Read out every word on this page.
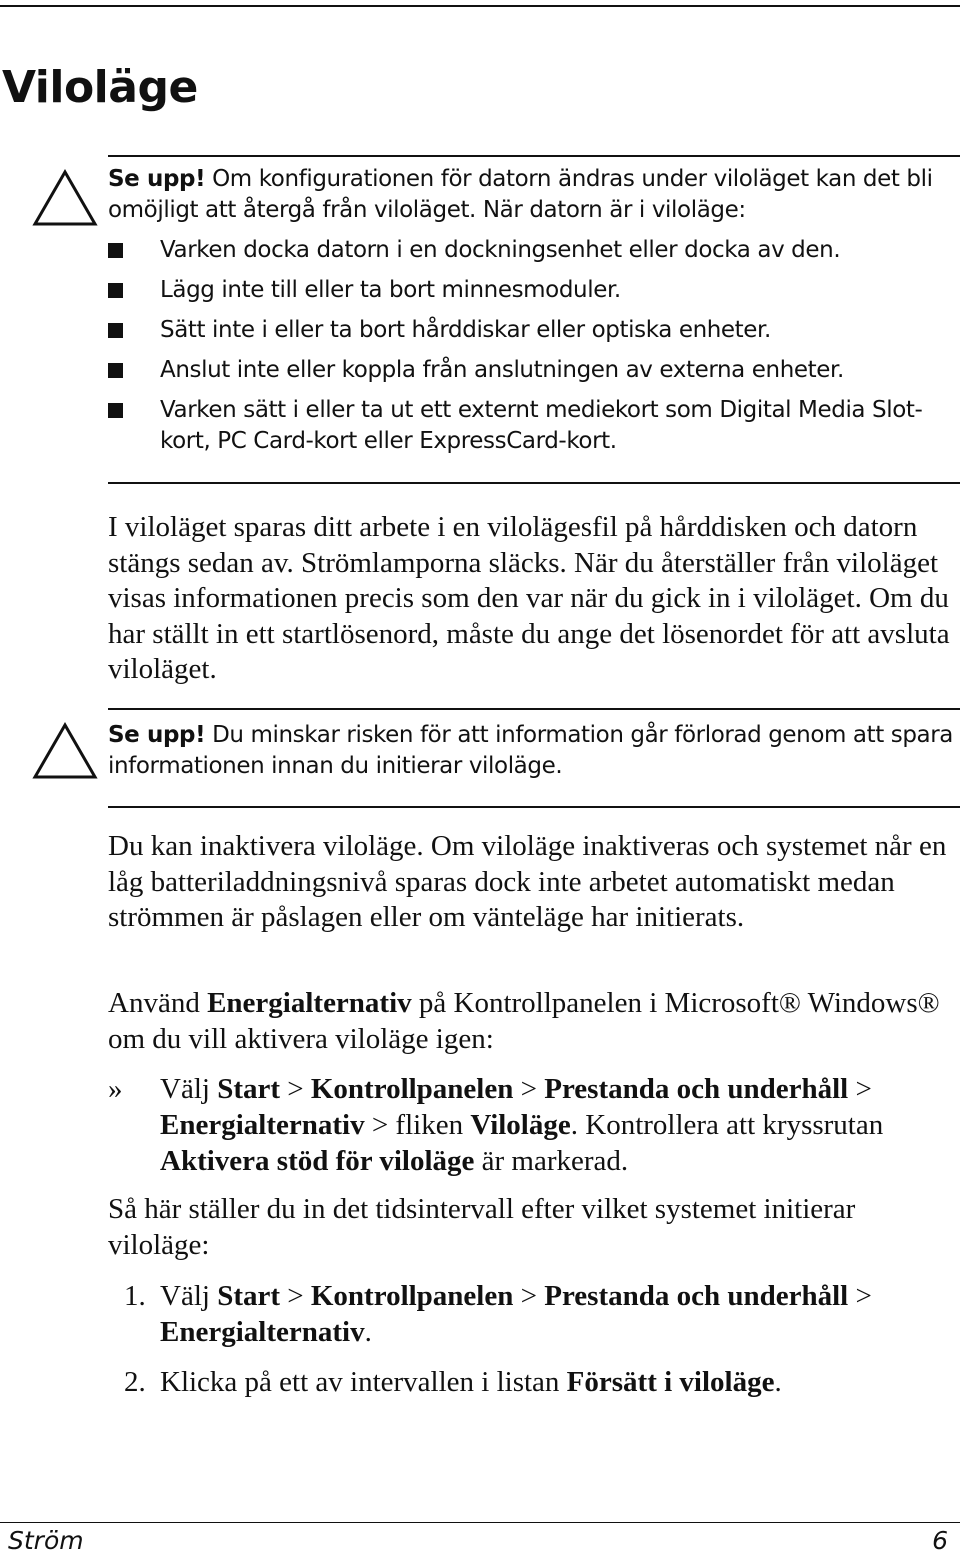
Viloläge
Se upp! Om konfigurationen för datorn ändras under viloläget kan det bli omöjligt att återgå från viloläget. När datorn är i viloläge:
Varken docka datorn i en dockningsenhet eller docka av den.
Lägg inte till eller ta bort minnesmoduler.
Sätt inte i eller ta bort hårddiskar eller optiska enheter.
Anslut inte eller koppla från anslutningen av externa enheter.
Varken sätt i eller ta ut ett externt mediekort som Digital Media Slot-kort, PC Card-kort eller ExpressCard-kort.

I viloläget sparas ditt arbete i en vilolägesfil på hårddisken och datorn stängs sedan av. Strömlamporna släcks. När du återställer från viloläget visas informationen precis som den var när du gick in i viloläget. Om du har ställt in ett startlösenord, måste du ange det lösenordet för att avsluta viloläget.

Se upp! Du minskar risken för att information går förlorad genom att spara informationen innan du initierar viloläge.

Du kan inaktivera viloläge. Om viloläge inaktiveras och systemet når en låg batteriladdningsnivå sparas dock inte arbetet automatiskt medan strömmen är påslagen eller om vänteläge har initierats.

Använd Energialternativ på Kontrollpanelen i Microsoft® Windows® om du vill aktivera viloläge igen:

» Välj Start > Kontrollpanelen > Prestanda och underhåll > Energialternativ > fliken Viloläge. Kontrollera att kryssrutan Aktivera stöd för viloläge är markerad.

Så här ställer du in det tidsintervall efter vilket systemet initierar viloläge:

1. Välj Start > Kontrollpanelen > Prestanda och underhåll > Energialternativ.
2. Klicka på ett av intervallen i listan Försätt i viloläge.
Ström	6
